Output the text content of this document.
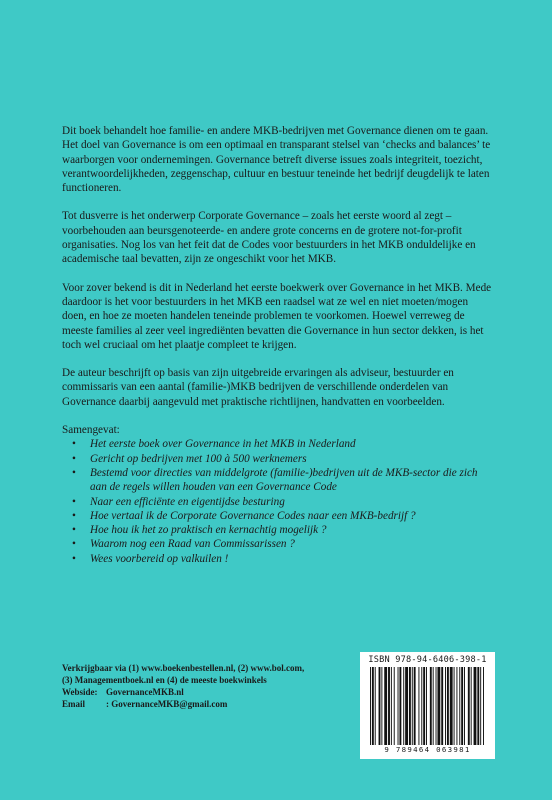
Dit boek behandelt hoe familie- en andere MKB-bedrijven met Governance dienen om te gaan. Het doel van Governance is om een optimaal en transparant stelsel van ‘checks and balances’ te waarborgen voor ondernemingen. Governance betreft diverse issues zoals integriteit, toezicht, verantwoordelijkheden, zeggenschap, cultuur en bestuur teneinde het bedrijf deugdelijk te laten functioneren.

Tot dusverre is het onderwerp Corporate Governance – zoals het eerste woord al zegt – voorbehouden aan beursgenoteerde- en andere grote concerns en de grotere not-for-profit organisaties. Nog los van het feit dat de Codes voor bestuurders in het MKB onduldelijke en academische taal bevatten, zijn ze ongeschikt voor het MKB.

Voor zover bekend is dit in Nederland het eerste boekwerk over Governance in het MKB. Mede daardoor is het voor bestuurders in het MKB een raadsel wat ze wel en niet moeten/mogen doen, en hoe ze moeten handelen teneinde problemen te voorkomen. Hoewel verreweg de meeste families al zeer veel ingrediënten bevatten die Governance in hun sector dekken, is het toch wel cruciaal om het plaatje compleet te krijgen.

De auteur beschrijft op basis van zijn uitgebreide ervaringen als adviseur, bestuurder en commissaris van een aantal (familie-)MKB bedrijven de verschillende onderdelen van Governance daarbij aangevuld met praktische richtlijnen, handvatten en voorbeelden.

Samengevat:

• Het eerste boek over Governance in het MKB in Nederland
• Gericht op bedrijven met 100 à 500 werknemers
• Bestemd voor directies van middelgrote (familie-)bedrijven uit de MKB-sector die zich aan de regels willen houden van een Governance Code
• Naar een efficiënte en eigentijdse besturing
• Hoe vertaal ik de Corporate Governance Codes naar een MKB-bedrijf ?
• Hoe hou ik het zo praktisch en kernachtig mogelijk ?
• Waarom nog een Raad van Commissarissen ?
• Wees voorbereid op valkuilen !
Verkrijgbaar via (1) www.boekenbestellen.nl, (2) www.bol.com,
(3) Managementboek.nl en (4) de meeste boekwinkels
Webside: GovernanceMKB.nl
Email : GovernanceMKB@gmail.com
ISBN 978-94-6406-398-1
9 789464 063981
